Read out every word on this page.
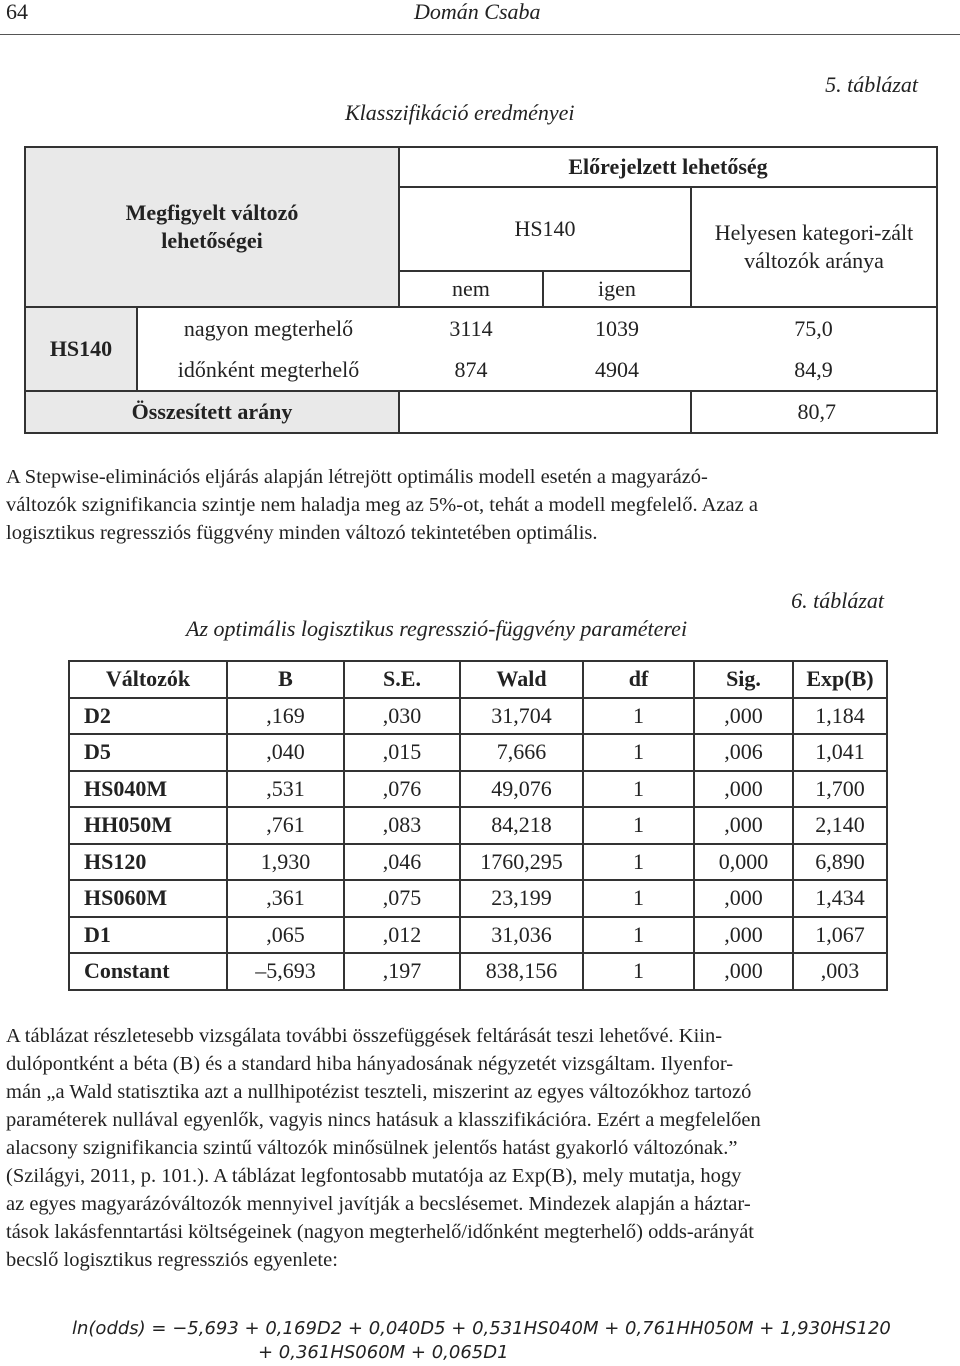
64	Domán Csaba
5. táblázat
Klasszifikáció eredményei
Megfigyelt változó lehetőségei		Előrejelzett lehetőség		
		HS140		Helyesen kategori-zált változók aránya

		nem	igen	
HS140	nagyon megterhelő	3114	1039	75,0
	időnként megterhelő	874	4904	84,9
Összesített arány				80,7
A Stepwise-eliminációs eljárás alapján létrejött optimális modell esetén a magyarázó-
változók szignifikancia szintje nem haladja meg az 5%-ot, tehát a modell megfelelő. Azaz a
logisztikus regressziós függvény minden változó tekintetében optimális.
6. táblázat
Az optimális logisztikus regresszió-függvény paraméterei
Változók	B	S.E.	Wald	df	Sig.	Exp(B)
D2	,169	,030	31,704	1	,000	1,184
D5	,040	,015	7,666	1	,006	1,041
HS040M	,531	,076	49,076	1	,000	1,700
HH050M	,761	,083	84,218	1	,000	2,140
HS120	1,930	,046	1760,295	1	0,000	6,890
HS060M	,361	,075	23,199	1	,000	1,434
D1	,065	,012	31,036	1	,000	1,067
Constant	–5,693	,197	838,156	1	,000	,003
A táblázat részletesebb vizsgálata további összefüggések feltárását teszi lehetővé. Kiin-
dulópontként a béta (B) és a standard hiba hányadosának négyzetét vizsgáltam. Ilyenfor-
mán „a Wald statisztika azt a nullhipotézist teszteli, miszerint az egyes változókhoz tartozó
paraméterek nullával egyenlők, vagyis nincs hatásuk a klasszifikációra. Ezért a megfelelően
alacsony szignifikancia szintű változók minősülnek jelentős hatást gyakorló változónak.”
(Szilágyi, 2011, p. 101.). A táblázat legfontosabb mutatója az Exp(B), mely mutatja, hogy
az egyes magyarázóváltozók mennyivel javítják a becslésemet. Mindezek alapján a háztar-
tások lakásfenntartási költségeinek (nagyon megterhelő/időnként megterhelő) odds-arányát
becslő logisztikus regressziós egyenlete:
ln(odds) = −5,693 + 0,169D2 + 0,040D5 + 0,531HS040M + 0,761HH050M + 1,930HS120
+ 0,361HS060M + 0,065D1
